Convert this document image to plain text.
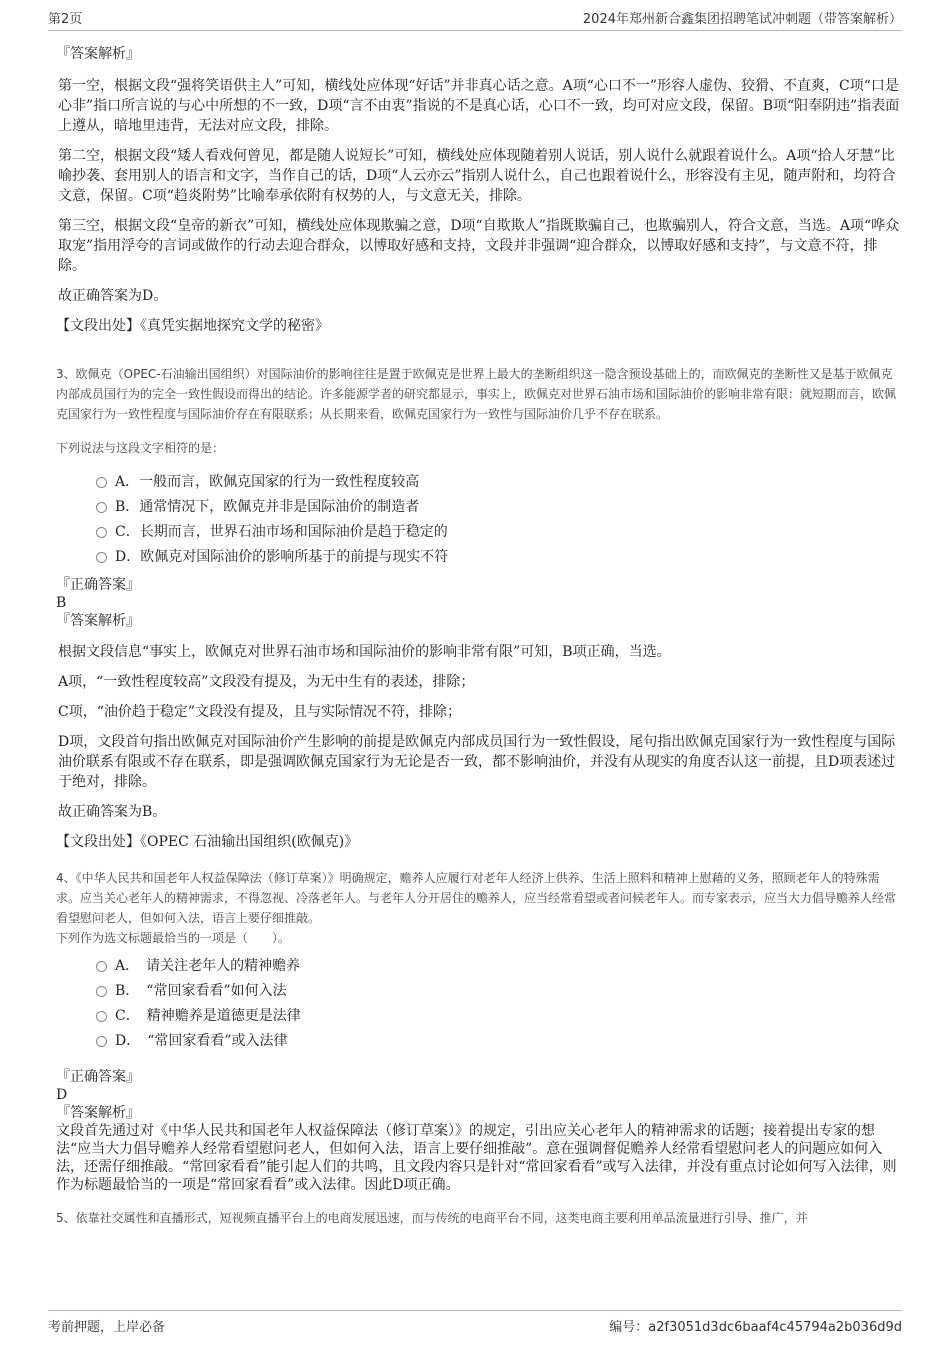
第2页	2024年郑州新合鑫集团招聘笔试冲刺题（带答案解析）
『答案解析』
第一空，根据文段“强将笑语供主人”可知，横线处应体现“好话”并非真心话之意。A项“心口不一”形容人虚伪、狡猾、不直爽，C项“口是心非”指口所言说的与心中所想的不一致，D项“言不由衷”指说的不是真心话，心口不一致，均可对应文段，保留。B项“阳奉阴违”指表面上遵从，暗地里违背，无法对应文段，排除。
第二空，根据文段“矮人看戏何曾见，都是随人说短长”可知，横线处应体现随着别人说话，别人说什么就跟着说什么。A项“拾人牙慧”比喻抄袭、套用别人的语言和文字，当作自己的话，D项“人云亦云”指别人说什么，自己也跟着说什么，形容没有主见，随声附和，均符合文意，保留。C项“趋炎附势”比喻奉承依附有权势的人，与文意无关，排除。
第三空，根据文段“皇帝的新衣”可知，横线处应体现欺骗之意，D项“自欺欺人”指既欺骗自己，也欺骗别人，符合文意，当选。A项“哗众取宠”指用浮夸的言词或做作的行动去迎合群众，以博取好感和支持，文段并非强调“迎合群众，以博取好感和支持”，与文意不符，排除。
故正确答案为D。
【文段出处】《真凭实据地探究文学的秘密》

3、欧佩克（OPEC-石油输出国组织）对国际油价的影响往往是置于欧佩克是世界上最大的垄断组织这一隐含预设基础上的，而欧佩克的垄断性又是基于欧佩克内部成员国行为的完全一致性假设而得出的结论。许多能源学者的研究都显示，事实上，欧佩克对世界石油市场和国际油价的影响非常有限：就短期而言，欧佩克国家行为一致性程度与国际油价存在有限联系；从长期来看，欧佩克国家行为一致性与国际油价几乎不存在联系。

下列说法与这段文字相符的是：

A．一般而言，欧佩克国家的行为一致性程度较高
B．通常情况下，欧佩克并非是国际油价的制造者
C．长期而言，世界石油市场和国际油价是趋于稳定的
D．欧佩克对国际油价的影响所基于的前提与现实不符
『正确答案』
B
『答案解析』
根据文段信息“事实上，欧佩克对世界石油市场和国际油价的影响非常有限”可知，B项正确，当选。
A项，“一致性程度较高”文段没有提及，为无中生有的表述，排除；
C项，“油价趋于稳定”文段没有提及，且与实际情况不符，排除；
D项，文段首句指出欧佩克对国际油价产生影响的前提是欧佩克内部成员国行为一致性假设，尾句指出欧佩克国家行为一致性程度与国际油价联系有限或不存在联系，即是强调欧佩克国家行为无论是否一致，都不影响油价，并没有从现实的角度否认这一前提，且D项表述过于绝对，排除。
故正确答案为B。
【文段出处】《OPEC 石油输出国组织(欧佩克)》

4、《中华人民共和国老年人权益保障法（修订草案）》明确规定，赡养人应履行对老年人经济上供养、生活上照料和精神上慰藉的义务，照顾老年人的特殊需求。应当关心老年人的精神需求，不得忽视、冷落老年人。与老年人分开居住的赡养人，应当经常看望或者问候老年人。而专家表示，应当大力倡导赡养人经常看望慰问老人，但如何入法，语言上要仔细推敲。

下列作为选文标题最恰当的一项是（　　）。

A．　请关注老年人的精神赡养
B．　“常回家看看”如何入法
C．　精神赡养是道德更是法律
D．　“常回家看看”或入法律
『正确答案』
D
『答案解析』
文段首先通过对《中华人民共和国老年人权益保障法（修订草案）》的规定，引出应关心老年人的精神需求的话题；接着提出专家的想法“应当大力倡导赡养人经常看望慰问老人，但如何入法，语言上要仔细推敲”。意在强调督促赡养人经常看望慰问老人的问题应如何入法，还需仔细推敲。“常回家看看”能引起人们的共鸣，且文段内容只是针对“常回家看看”或写入法律，并没有重点讨论如何写入法律，则作为标题最恰当的一项是“常回家看看”或入法律。因此D项正确。

5、依靠社交属性和直播形式，短视频直播平台上的电商发展迅速，而与传统的电商平台不同，这类电商主要利用单品流量进行引导、推广，并

考前押题，上岸必备	编号：a2f3051d3dc6baaf4c45794a2b036d9d
